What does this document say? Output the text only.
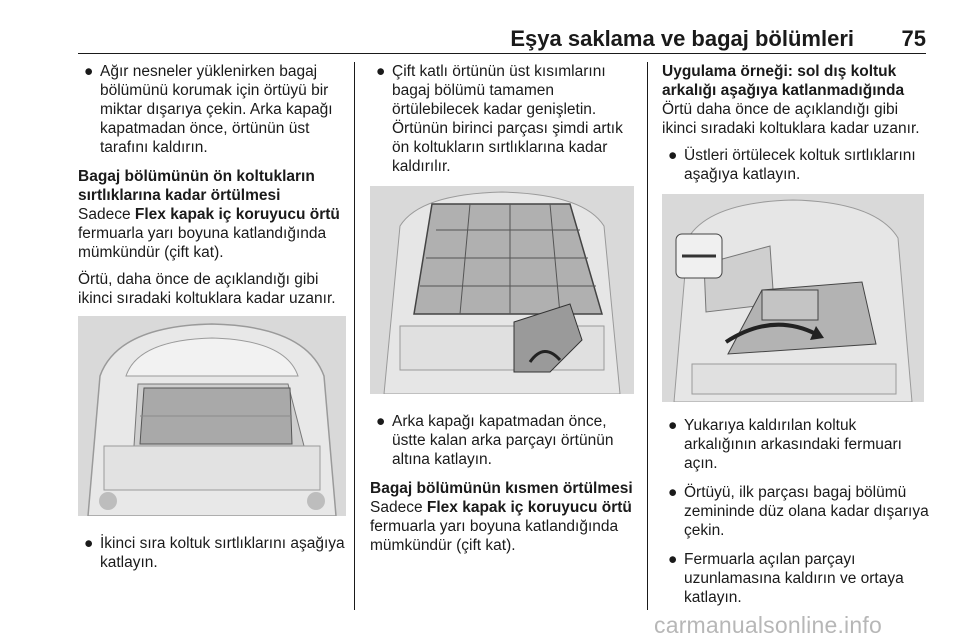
Eşya saklama ve bagaj bölümleri 75
● Ağır nesneler yüklenirken bagaj bölümünü korumak için örtüyü bir miktar dışarıya çekin. Arka kapağı kapatmadan önce, örtünün üst tarafını kaldırın.

Bagaj bölümünün ön koltukların sırtlıklarına kadar örtülmesi

Sadece Flex kapak iç koruyucu örtü fermuarla yarı boyuna katlandığında mümkündür (çift kat).

Örtü, daha önce de açıklandığı gibi ikinci sıradaki koltuklara kadar uzanır.

● İkinci sıra koltuk sırtlıklarını aşağıya katlayın.
● Çift katlı örtünün üst kısımlarını bagaj bölümü tamamen örtülebilecek kadar genişletin. Örtünün birinci parçası şimdi artık ön koltukların sırtlıklarına kadar kaldırılır.
● Arka kapağı kapatmadan önce, üstte kalan arka parçayı örtünün altına katlayın.

Bagaj bölümünün kısmen örtülmesi

Sadece Flex kapak iç koruyucu örtü fermuarla yarı boyuna katlandığında mümkündür (çift kat).

Uygulama örneği: sol dış koltuk arkalığı aşağıya katlanmadığında

Örtü daha önce de açıklandığı gibi ikinci sıradaki koltuklara kadar uzanır.

● Üstleri örtülecek koltuk sırtlıklarını aşağıya katlayın.
● Yukarıya kaldırılan koltuk arkalığının arkasındaki fermuarı açın.
● Örtüyü, ilk parçası bagaj bölümü zemininde düz olana kadar dışarıya çekin.
● Fermuarla açılan parçayı uzunlamasına kaldırın ve ortaya katlayın.
carmanualsonline.info
